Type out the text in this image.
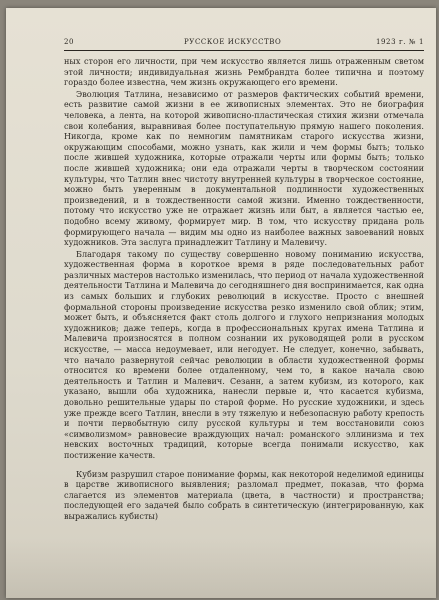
20	РУССКОЕ ИСКУССТВО	1923 г. № 1

ных сторон его личности, при чем искусство является лишь отраженным светом этой личности; индивидуальная жизнь Рембрандта более типична и поэтому гораздо более известна, чем жизнь окружающего его времени.

Эволюция Татлина, независимо от размеров фактических событий времени, есть развитие самой жизни в ее живописных элементах. Это не биография человека, а лента, на которой живописно-пластическая стихия жизни отмечала свои колебания, выравнивая более поступательную прямую нашего поколения. Никогда, кроме как по немногим памятникам старого искусства жизни, окружающим способами, можно узнать, как жили и чем формы быть; только после жившей художника, которые отражали черты или формы быть; только после жившей художника; они еда отражали черты в творческом состоянии культуры, что Татлин внес чистоту внутренней культуры в творческое состояние, можно быть уверенным в документальной подлинности художественных произведений, и в тождественности самой жизни. Именно тождественности, потому что искусство уже не отражает жизнь или быт, а является частью ее, подобно всему живому, формирует мир. В том, что искусству придана роль формирующего начала — видим мы одно из наиболее важных завоеваний новых художников. Эта заслуга принадлежит Татлину и Малевичу.

Благодаря такому по существу совершенно новому пониманию искусства, художественная форма в короткое время в ряде последовательных работ различных мастеров настолько изменилась, что период от начала художественной деятельности Татлина и Малевича до сегодняшнего дня воспринимается, как одна из самых больших и глубоких революций в искусстве. Просто с внешней формальной стороны произведение искусства резко изменило свой облик; этим, может быть, и объясняется факт столь долгого и глухого непризнания молодых художников; даже теперь, когда в профессиональных кругах имена Татлина и Малевича произносятся в полном сознании их руководящей роли в русском искусстве, — масса недоумевает, или негодует. Не следует, конечно, забывать, что начало развернутой сейчас революции в области художественной формы относится ко времени более отдаленному, чем то, в какое начала свою деятельность и Татлин и Малевич. Сезанн, а затем кубизм, из которого, как указано, вышли оба художника, нанесли первые и, что касается кубизма, довольно решительные удары по старой форме. Но русские художники, и здесь уже прежде всего Татлин, внесли в эту тяжелую и небезопасную работу крепость и почти первобытную силу русской культуры и тем восстановили союз «символизмом» равновесие враждующих начал: романского эллинизма и тех невских восточных традиций, которые всегда понимали искусство, как постижение качеств.

Кубизм разрушил старое понимание формы, как некоторой неделимой единицы в царстве живописного выявления; разломал предмет, показав, что форма слагается из элементов материала (цвета, в частности) и пространства; последующей его задачей было собрать в синтетическую (интегрированную, как выражались кубисты)
